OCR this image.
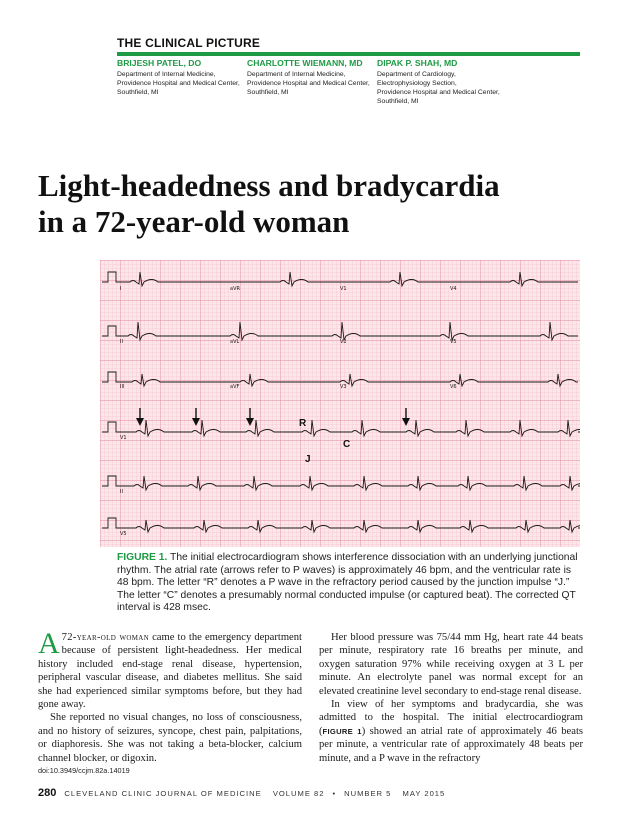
THE CLINICAL PICTURE
BRIJESH PATEL, DO
Department of Internal Medicine,
Providence Hospital and Medical Center,
Southfield, MI
CHARLOTTE WIEMANN, MD
Department of Internal Medicine,
Providence Hospital and Medical Center,
Southfield, MI
DIPAK P. SHAH, MD
Department of Cardiology,
Electrophysiology Section,
Providence Hospital and Medical Center,
Southfield, MI
Light-headedness and bradycardia
in a 72-year-old woman
I	aVR	V1	V4
II	aVL	V2	V5
III	aVF	V3	V6
V1
II
V5
R
J
C
FIGURE 1. The initial electrocardiogram shows interference dissociation with an underlying junctional rhythm. The atrial rate (arrows refer to P waves) is approximately 46 bpm, and the ventricular rate is 48 bpm. The letter “R” denotes a P wave in the refractory period caused by the junction impulse “J.” The letter “C” denotes a presumably normal conducted impulse (or captured beat). The corrected QT interval is 428 msec.

A 72-year-old woman came to the emergency department because of persistent light-headedness. Her medical history included end-stage renal disease, hypertension, peripheral vascular disease, and diabetes mellitus. She said she had experienced similar symptoms before, but they had gone away.

She reported no visual changes, no loss of consciousness, and no history of seizures, syncope, chest pain, palpitations, or diaphoresis. She was not taking a beta-blocker, calcium channel blocker, or digoxin.

Her blood pressure was 75/44 mm Hg, heart rate 44 beats per minute, respiratory rate 16 breaths per minute, and oxygen saturation 97% while receiving oxygen at 3 L per minute. An electrolyte panel was normal except for an elevated creatinine level secondary to end-stage renal disease.

In view of her symptoms and bradycardia, she was admitted to the hospital. The initial electrocardiogram (FIGURE 1) showed an atrial rate of approximately 46 beats per minute, a ventricular rate of approximately 48 beats per minute, and a P wave in the refractory

doi:10.3949/ccjm.82a.14019
280 CLEVELAND CLINIC JOURNAL OF MEDICINE VOLUME 82 • NUMBER 5 MAY 2015
